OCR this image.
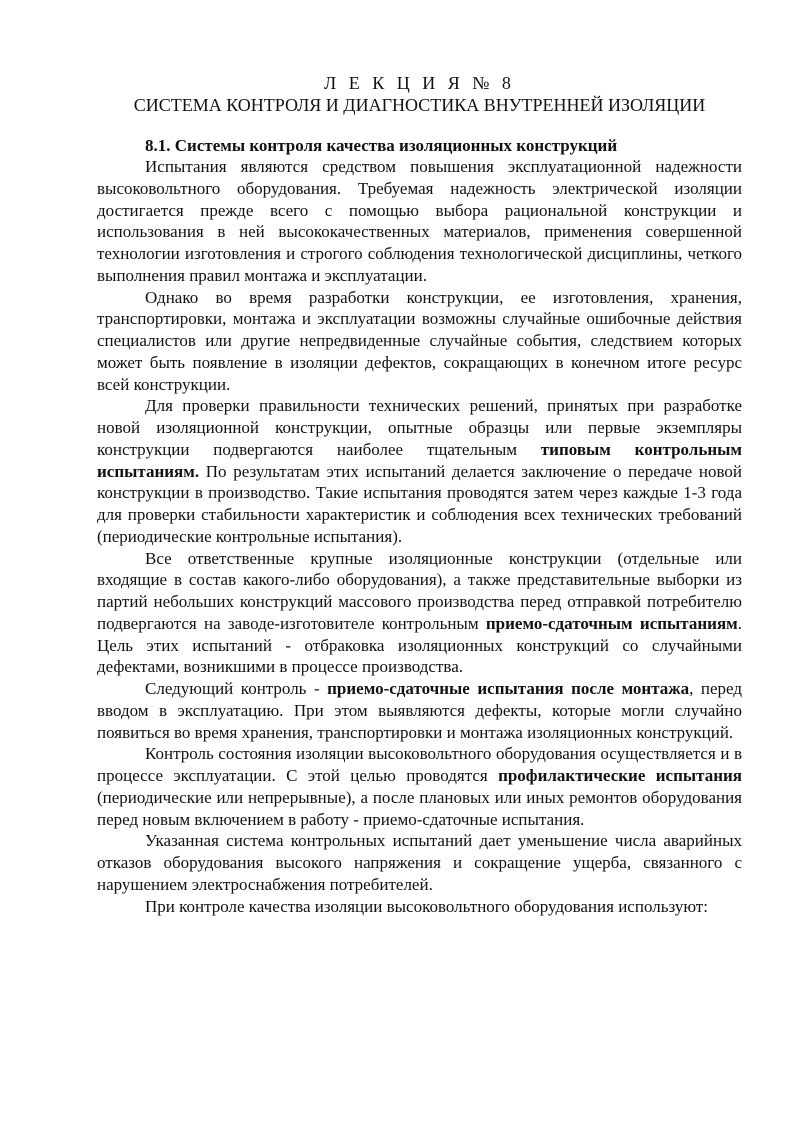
Л Е К Ц И Я № 8

СИСТЕМА КОНТРОЛЯ И ДИАГНОСТИКА ВНУТРЕННЕЙ ИЗОЛЯЦИИ

8.1. Системы контроля качества изоляционных конструкций

Испытания являются средством повышения эксплуатационной надежности высоковольтного оборудования. Требуемая надежность электрической изоляции достигается прежде всего с помощью выбора рациональной конструкции и использования в ней высококачественных материалов, применения совершенной технологии изготовления и строгого соблюдения технологической дисциплины, четкого выполнения правил монтажа и эксплуатации.

Однако во время разработки конструкции, ее изготовления, хранения, транспортировки, монтажа и эксплуатации возможны случайные ошибочные действия специалистов или другие непредвиденные случайные события, следствием которых может быть появление в изоляции дефектов, сокращающих в конечном итоге ресурс всей конструкции.

Для проверки правильности технических решений, принятых при разработке новой изоляционной конструкции, опытные образцы или первые экземпляры конструкции подвергаются наиболее тщательным типовым контрольным испытаниям. По результатам этих испытаний делается заключение о передаче новой конструкции в производство. Такие испытания проводятся затем через каждые 1-3 года для проверки стабильности характеристик и соблюдения всех технических требований (периодические контрольные испытания).

Все ответственные крупные изоляционные конструкции (отдельные или входящие в состав какого-либо оборудования), а также представительные выборки из партий небольших конструкций массового производства перед отправкой потребителю подвергаются на заводе-изготовителе контрольным приемо-сдаточным испытаниям. Цель этих испытаний - отбраковка изоляционных конструкций со случайными дефектами, возникшими в процессе производства.

Следующий контроль - приемо-сдаточные испытания после монтажа, перед вводом в эксплуатацию. При этом выявляются дефекты, которые могли случайно появиться во время хранения, транспортировки и монтажа изоляционных конструкций.

Контроль состояния изоляции высоковольтного оборудования осуществляется и в процессе эксплуатации. С этой целью проводятся профилактические испытания (периодические или непрерывные), а после плановых или иных ремонтов оборудования перед новым включением в работу - приемо-сдаточные испытания.

Указанная система контрольных испытаний дает уменьшение числа аварийных отказов оборудования высокого напряжения и сокращение ущерба, связанного с нарушением электроснабжения потребителей.

При контроле качества изоляции высоковольтного оборудования используют:
